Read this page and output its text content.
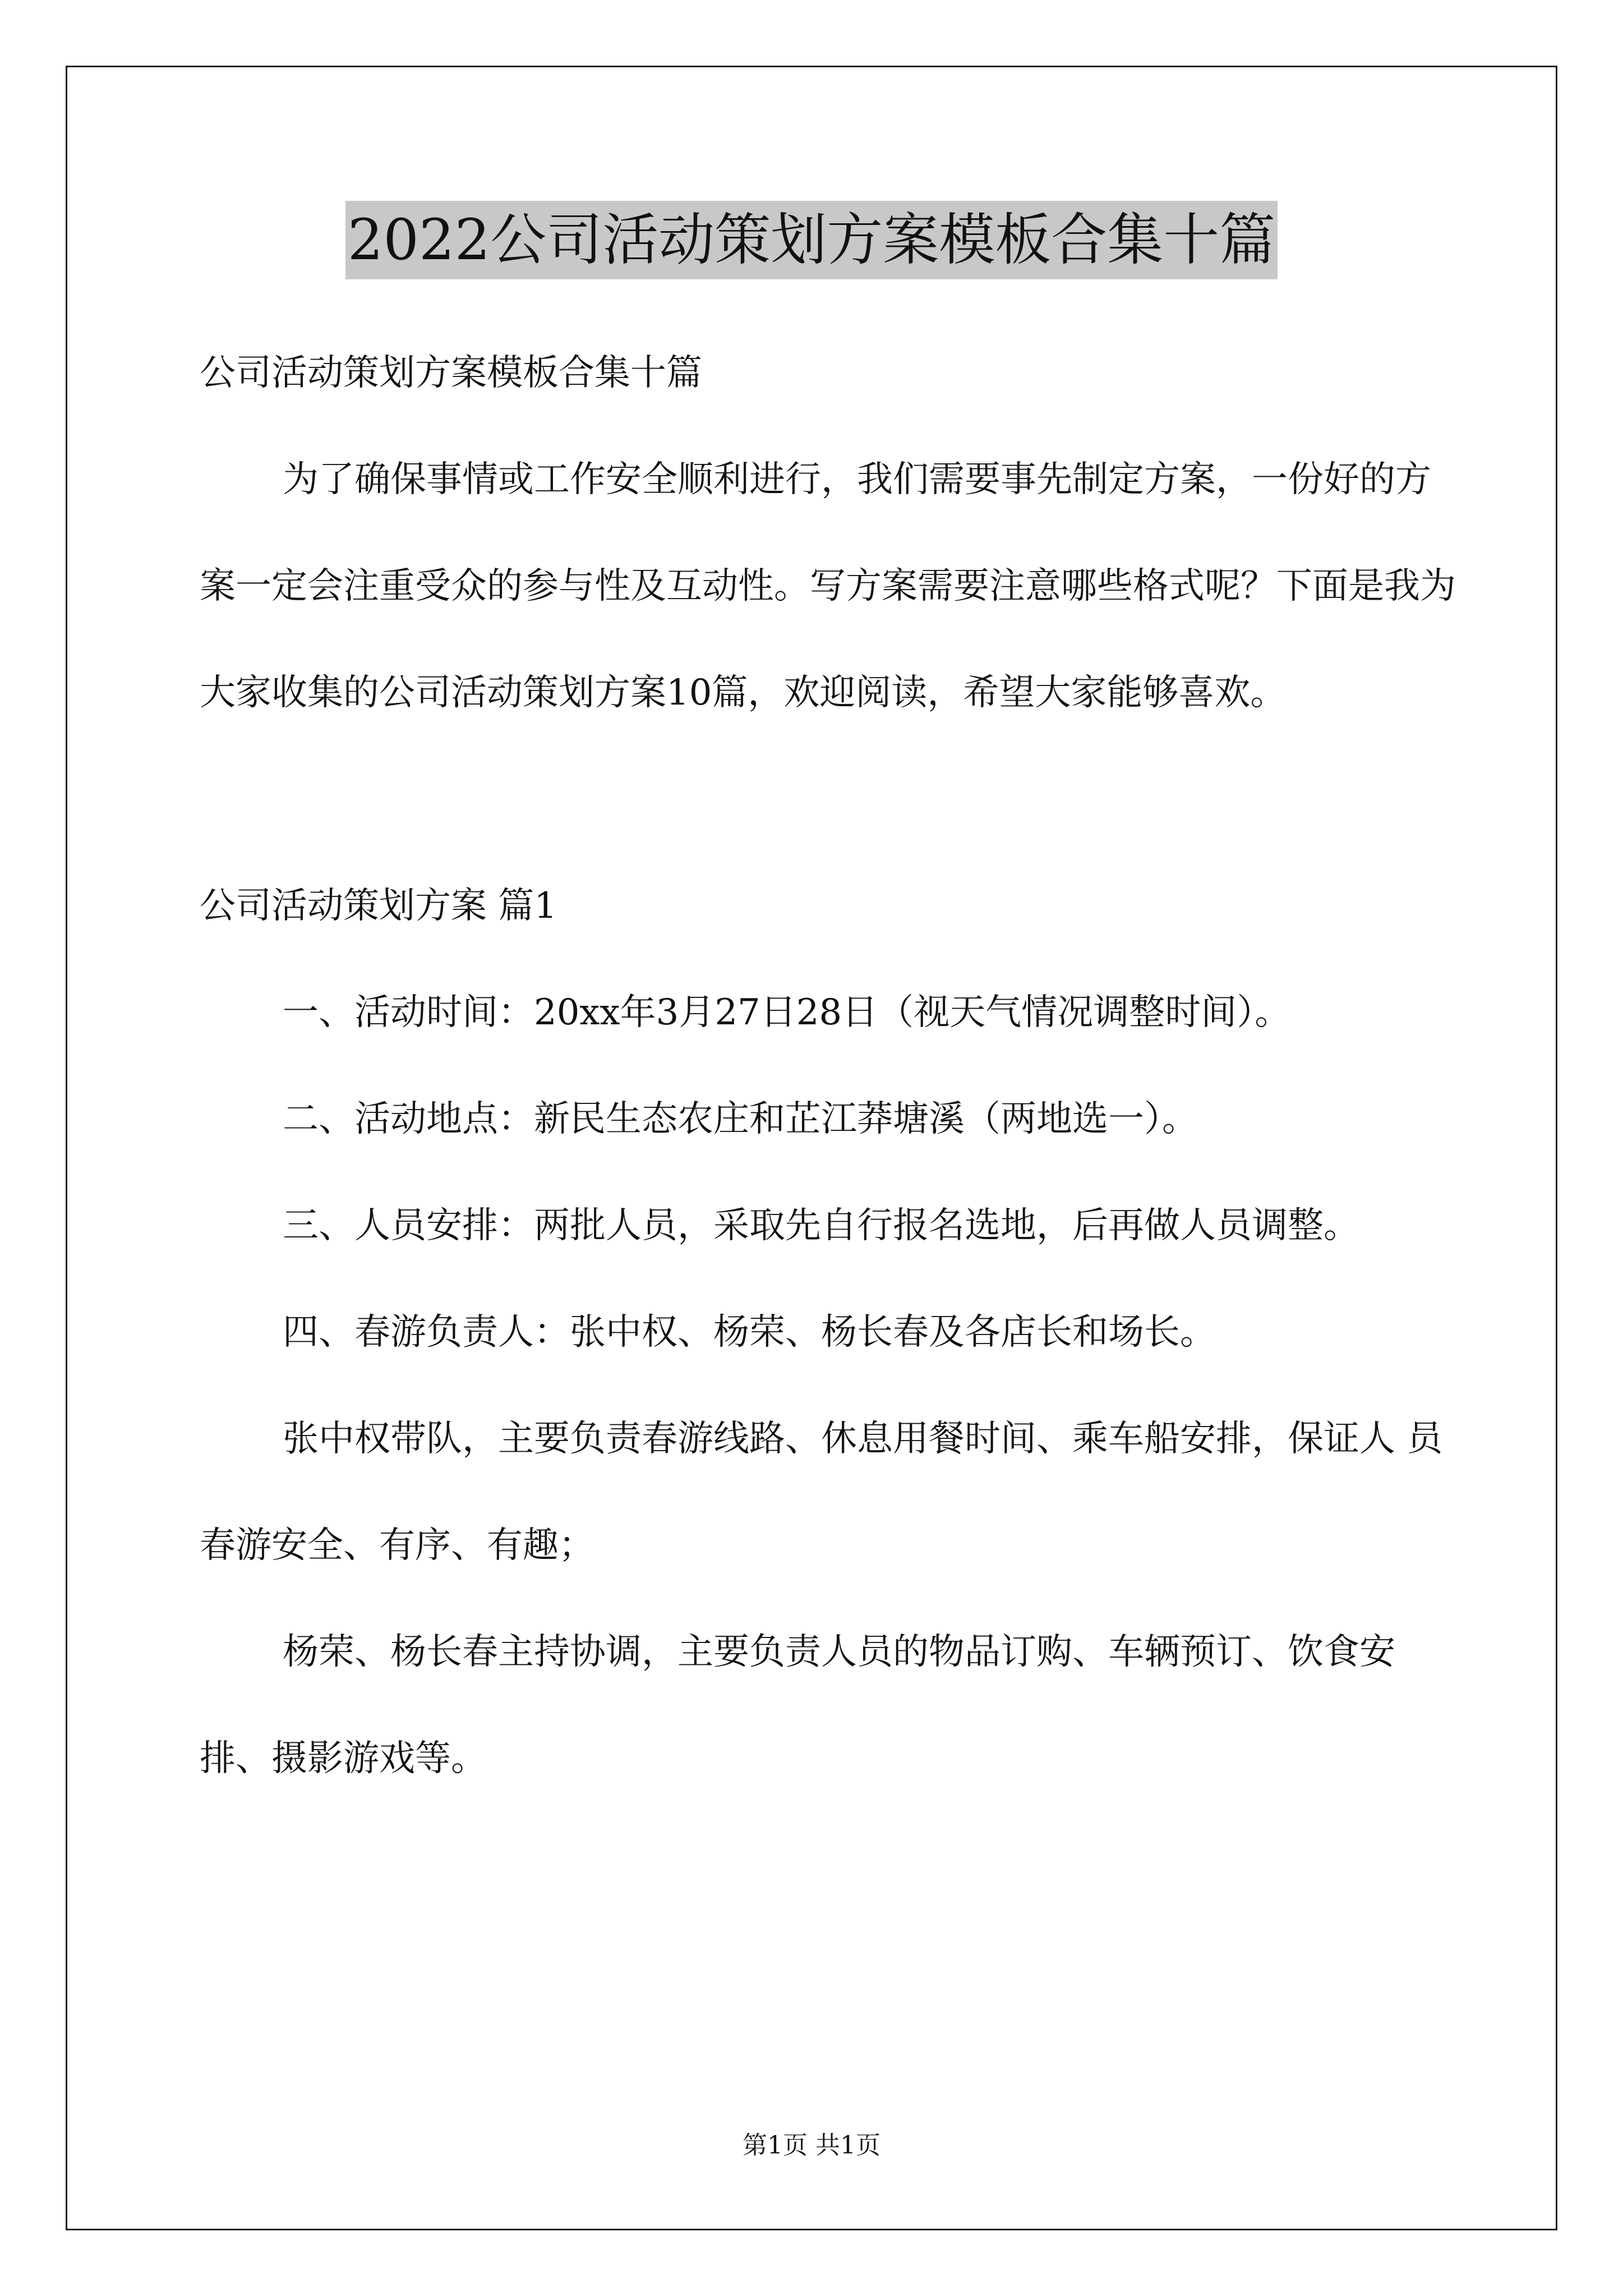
2022公司活动策划方案模板合集十篇

公司活动策划方案模板合集十篇

为了确保事情或工作安全顺利进行，我们需要事先制定方案，一份好的方案一定会注重受众的参与性及互动性。写方案需要注意哪些格式呢？下面是我为大家收集的公司活动策划方案10篇，欢迎阅读，希望大家能够喜欢。

公司活动策划方案 篇1

一、活动时间：20xx年3月27日28日（视天气情况调整时间）。

二、活动地点：新民生态农庄和芷江莽塘溪（两地选一）。

三、人员安排：两批人员，采取先自行报名选地，后再做人员调整。

四、春游负责人：张中权、杨荣、杨长春及各店长和场长。

张中权带队，主要负责春游线路、休息用餐时间、乘车船安排，保证人 员春游安全、有序、有趣；

杨荣、杨长春主持协调，主要负责人员的物品订购、车辆预订、饮食安 排、摄影游戏等。

第1页 共1页
